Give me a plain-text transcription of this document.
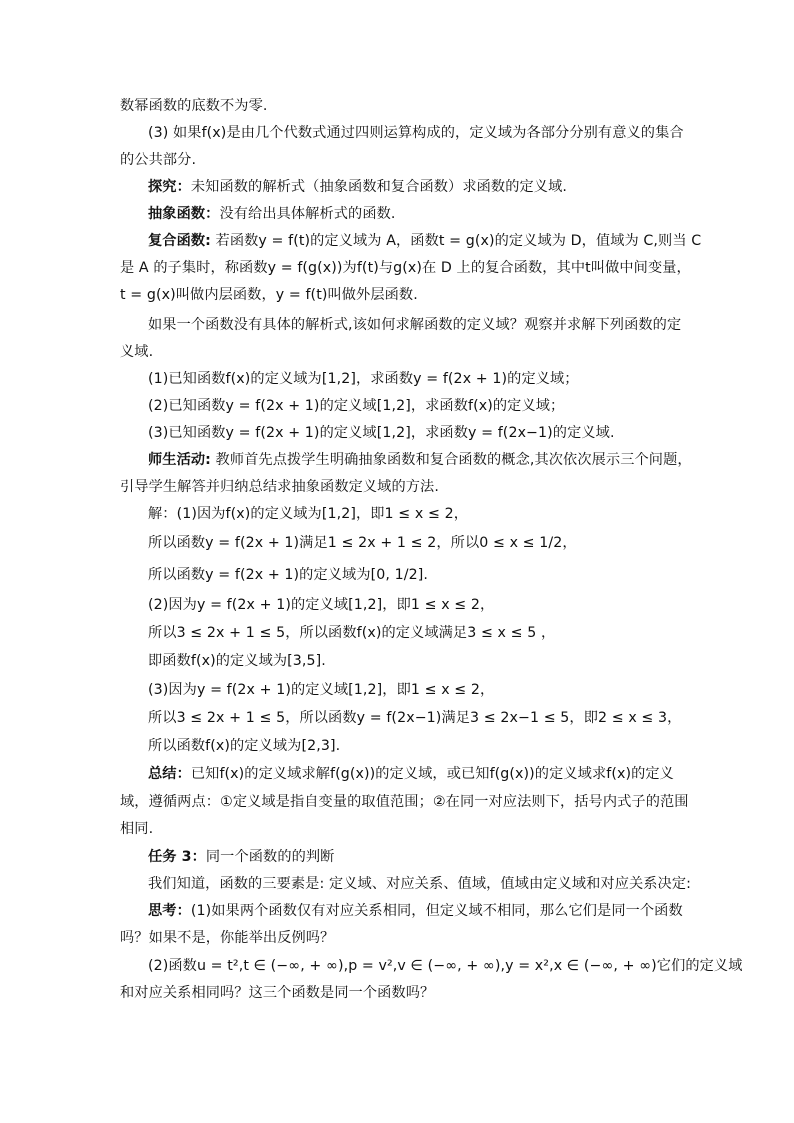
数幂函数的底数不为零.
(3) 如果f(x)是由几个代数式通过四则运算构成的，定义域为各部分分别有意义的集合
的公共部分.
探究：未知函数的解析式（抽象函数和复合函数）求函数的定义域.
抽象函数：没有给出具体解析式的函数.
复合函数: 若函数y = f(t)的定义域为 A，函数t = g(x)的定义域为 D，值域为 C,则当 C
是 A 的子集时，称函数y = f(g(x))为f(t)与g(x)在 D 上的复合函数，其中t叫做中间变量，
t = g(x)叫做内层函数，y = f(t)叫做外层函数.
如果一个函数没有具体的解析式,该如何求解函数的定义域？观察并求解下列函数的定
义域.
(1)已知函数f(x)的定义域为[1,2]，求函数y = f(2x + 1)的定义域；
(2)已知函数y = f(2x + 1)的定义域[1,2]，求函数f(x)的定义域；
(3)已知函数y = f(2x + 1)的定义域[1,2]，求函数y = f(2x−1)的定义域.
师生活动: 教师首先点拨学生明确抽象函数和复合函数的概念,其次依次展示三个问题，
引导学生解答并归纳总结求抽象函数定义域的方法.
解：(1)因为f(x)的定义域为[1,2]，即1 ≤ x ≤ 2，
所以函数y = f(2x + 1)满足1 ≤ 2x + 1 ≤ 2，所以0 ≤ x ≤ 1/2，
所以函数y = f(2x + 1)的定义域为[0, 1/2].
(2)因为y = f(2x + 1)的定义域[1,2]，即1 ≤ x ≤ 2，
所以3 ≤ 2x + 1 ≤ 5，所以函数f(x)的定义域满足3 ≤ x ≤ 5 ，
即函数f(x)的定义域为[3,5].
(3)因为y = f(2x + 1)的定义域[1,2]，即1 ≤ x ≤ 2，
所以3 ≤ 2x + 1 ≤ 5，所以函数y = f(2x−1)满足3 ≤ 2x−1 ≤ 5，即2 ≤ x ≤ 3，
所以函数f(x)的定义域为[2,3].
总结：已知f(x)的定义域求解f(g(x))的定义域，或已知f(g(x))的定义域求f(x)的定义
域，遵循两点：①定义域是指自变量的取值范围；②在同一对应法则下，括号内式子的范围
相同.
任务 3：同一个函数的的判断
我们知道，函数的三要素是: 定义域、对应关系、值域，值域由定义域和对应关系决定:
思考：(1)如果两个函数仅有对应关系相同，但定义域不相同，那么它们是同一个函数
吗？如果不是，你能举出反例吗？
(2)函数u = t²,t ∈ (−∞, + ∞),p = v²,v ∈ (−∞, + ∞),y = x²,x ∈ (−∞, + ∞)它们的定义域
和对应关系相同吗？这三个函数是同一个函数吗？
